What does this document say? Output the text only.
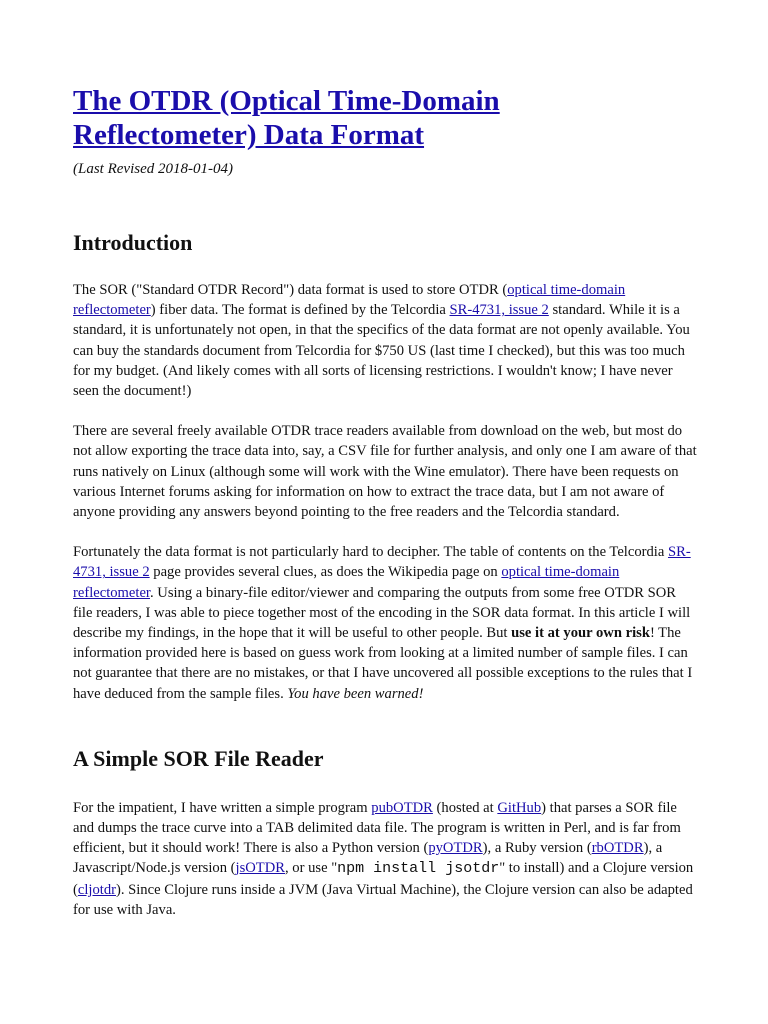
The OTDR (Optical Time-Domain
Reflectometer) Data Format
(Last Revised 2018-01-04)
Introduction

The SOR ("Standard OTDR Record") data format is used to store OTDR (optical time-domain reflectometer) fiber data. The format is defined by the Telcordia SR-4731, issue 2 standard. While it is a standard, it is unfortunately not open, in that the specifics of the data format are not openly available. You can buy the standards document from Telcordia for $750 US (last time I checked), but this was too much for my budget. (And likely comes with all sorts of licensing restrictions. I wouldn't know; I have never seen the document!)

There are several freely available OTDR trace readers available from download on the web, but most do not allow exporting the trace data into, say, a CSV file for further analysis, and only one I am aware of that runs natively on Linux (although some will work with the Wine emulator). There have been requests on various Internet forums asking for information on how to extract the trace data, but I am not aware of anyone providing any answers beyond pointing to the free readers and the Telcordia standard.

Fortunately the data format is not particularly hard to decipher. The table of contents on the Telcordia SR-4731, issue 2 page provides several clues, as does the Wikipedia page on optical time-domain reflectometer. Using a binary-file editor/viewer and comparing the outputs from some free OTDR SOR file readers, I was able to piece together most of the encoding in the SOR data format. In this article I will describe my findings, in the hope that it will be useful to other people. But use it at your own risk! The information provided here is based on guess work from looking at a limited number of sample files. I can not guarantee that there are no mistakes, or that I have uncovered all possible exceptions to the rules that I have deduced from the sample files. You have been warned!

A Simple SOR File Reader

For the impatient, I have written a simple program pubOTDR (hosted at GitHub) that parses a SOR file and dumps the trace curve into a TAB delimited data file. The program is written in Perl, and is far from efficient, but it should work! There is also a Python version (pyOTDR), a Ruby version (rbOTDR), a Javascript/Node.js version (jsOTDR, or use "npm install jsotdr" to install) and a Clojure version (cljotdr). Since Clojure runs inside a JVM (Java Virtual Machine), the Clojure version can also be adapted for use with Java.
